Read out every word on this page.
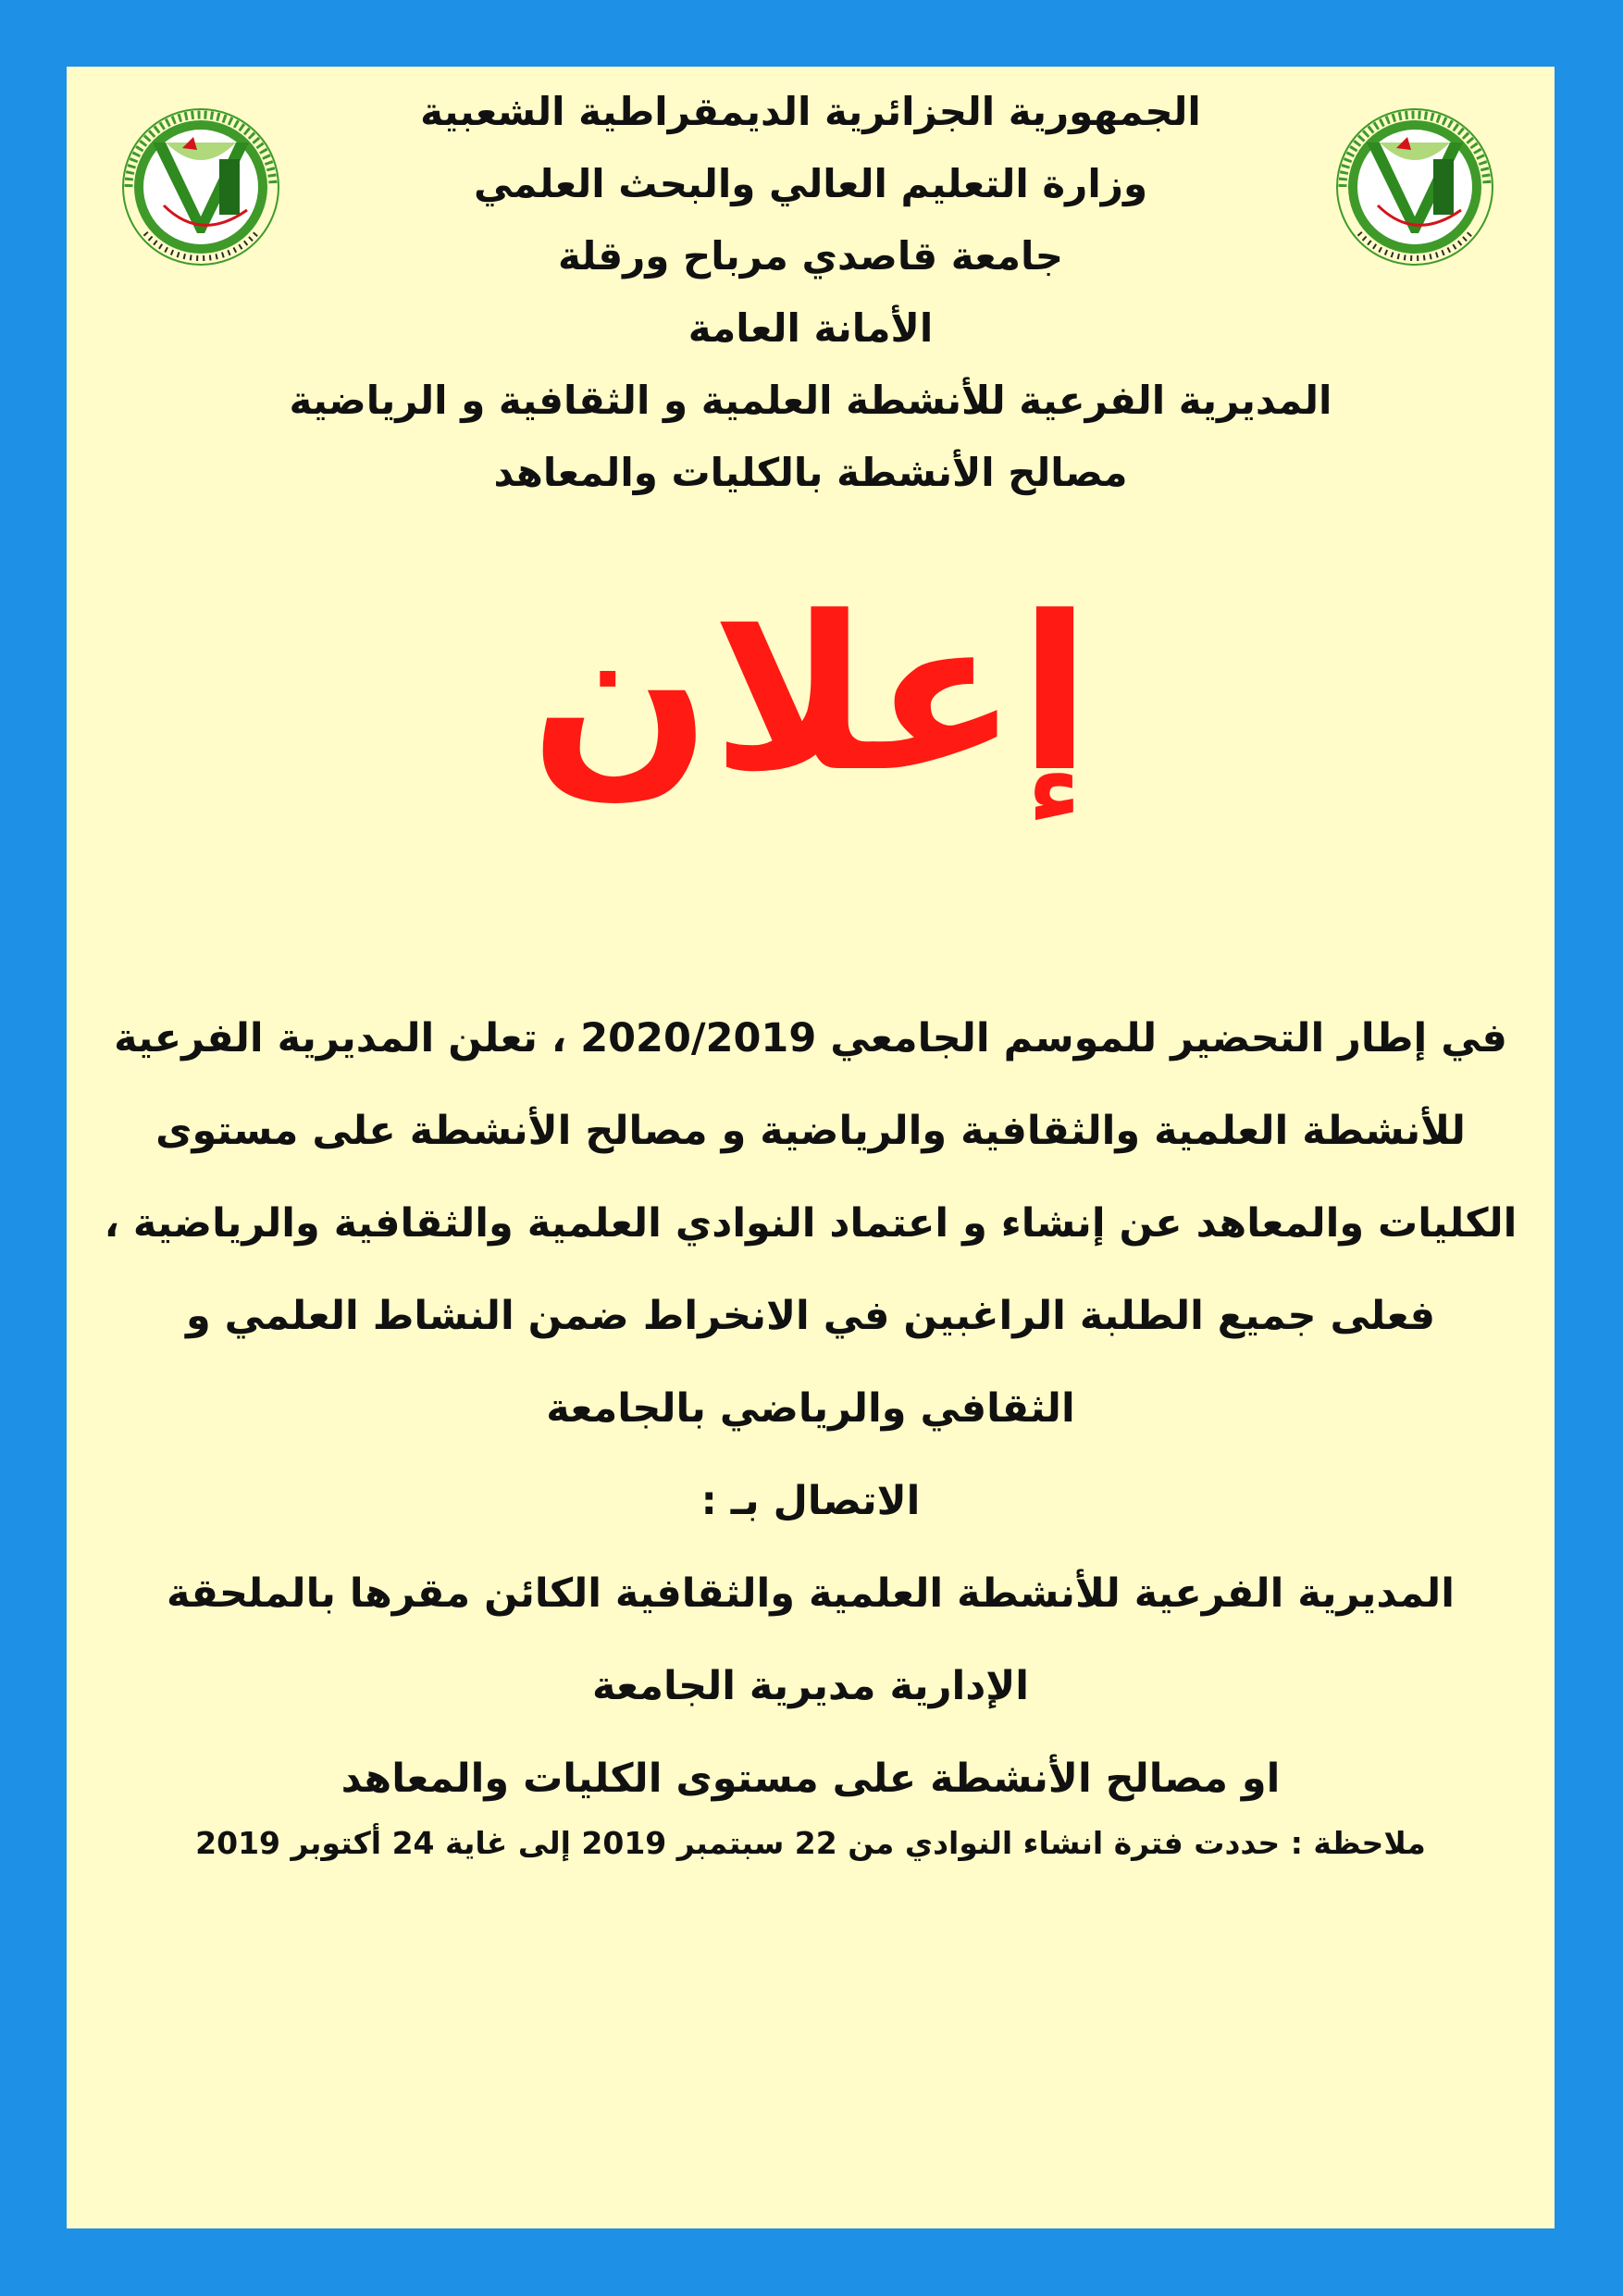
الجمهورية الجزائرية الديمقراطية الشعبية
وزارة التعليم العالي والبحث العلمي
جامعة قاصدي مرباح ورقلة
الأمانة العامة
المديرية الفرعية للأنشطة العلمية و الثقافية و الرياضية
مصالح الأنشطة بالكليات والمعاهد
إعلان
في إطار التحضير للموسم الجامعي 2020/2019 ، تعلن المديرية الفرعية للأنشطة العلمية والثقافية والرياضية و مصالح الأنشطة على مستوى الكليات والمعاهد عن إنشاء و اعتماد النوادي العلمية والثقافية والرياضية ، فعلى جميع الطلبة الراغبين في الانخراط ضمن النشاط العلمي و الثقافي والرياضي بالجامعة
الاتصال بـ :
المديرية الفرعية للأنشطة العلمية والثقافية الكائن مقرها بالملحقة الإدارية مديرية الجامعة
او مصالح الأنشطة على مستوى الكليات والمعاهد
ملاحظة : حددت فترة انشاء النوادي من 22 سبتمبر 2019 إلى غاية 24 أكتوبر 2019
